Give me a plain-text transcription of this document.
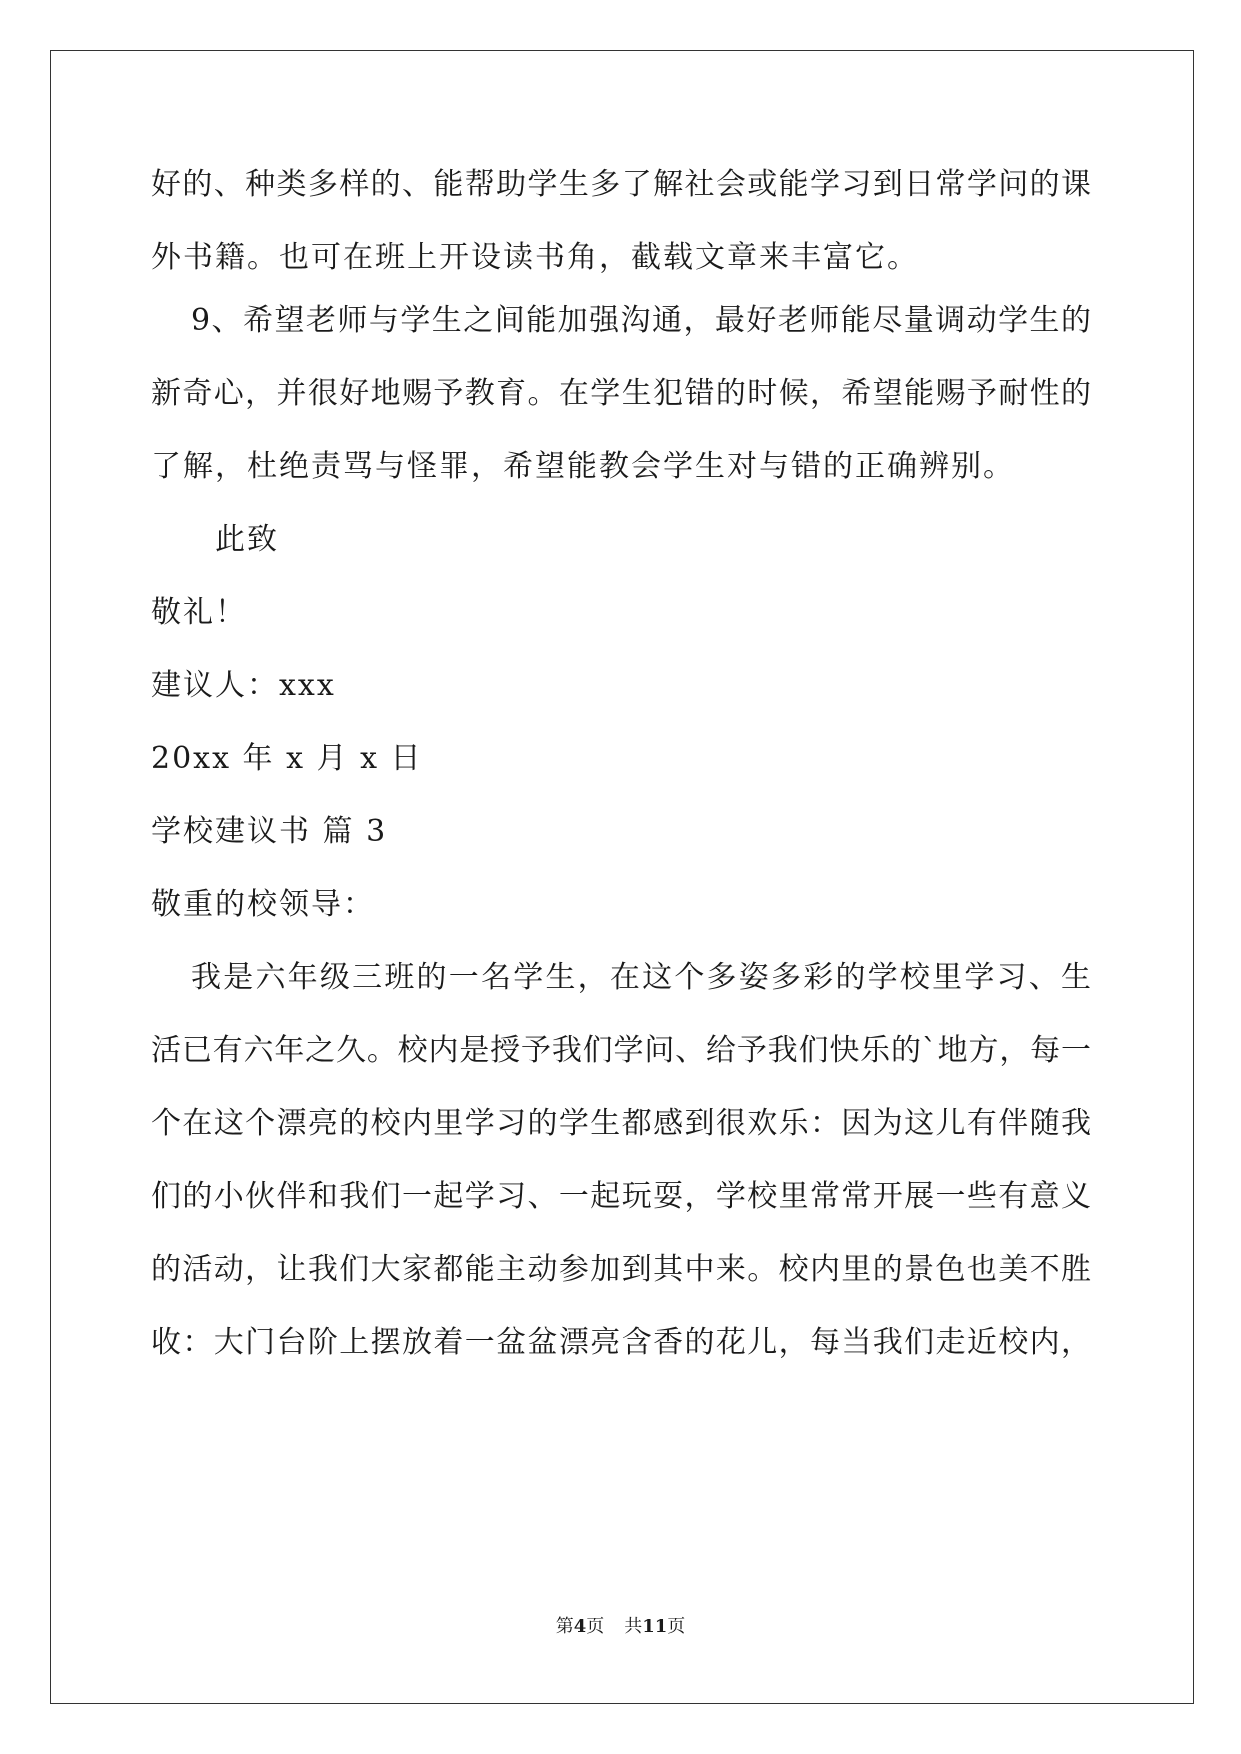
好的、种类多样的、能帮助学生多了解社会或能学习到日常学问的课
外书籍。也可在班上开设读书角，截载文章来丰富它。
9、希望老师与学生之间能加强沟通，最好老师能尽量调动学生的
新奇心，并很好地赐予教育。在学生犯错的时候，希望能赐予耐性的
了解，杜绝责骂与怪罪，希望能教会学生对与错的正确辨别。
此致
敬礼！
建议人：xxx
20xx 年 x 月 x 日
学校建议书 篇 3
敬重的校领导：
我是六年级三班的一名学生，在这个多姿多彩的学校里学习、生
活已有六年之久。校内是授予我们学问、给予我们快乐的`地方，每一
个在这个漂亮的校内里学习的学生都感到很欢乐：因为这儿有伴随我
们的小伙伴和我们一起学习、一起玩耍，学校里常常开展一些有意义
的活动，让我们大家都能主动参加到其中来。校内里的景色也美不胜
收：大门台阶上摆放着一盆盆漂亮含香的花儿，每当我们走近校内，
第4页 共11页
